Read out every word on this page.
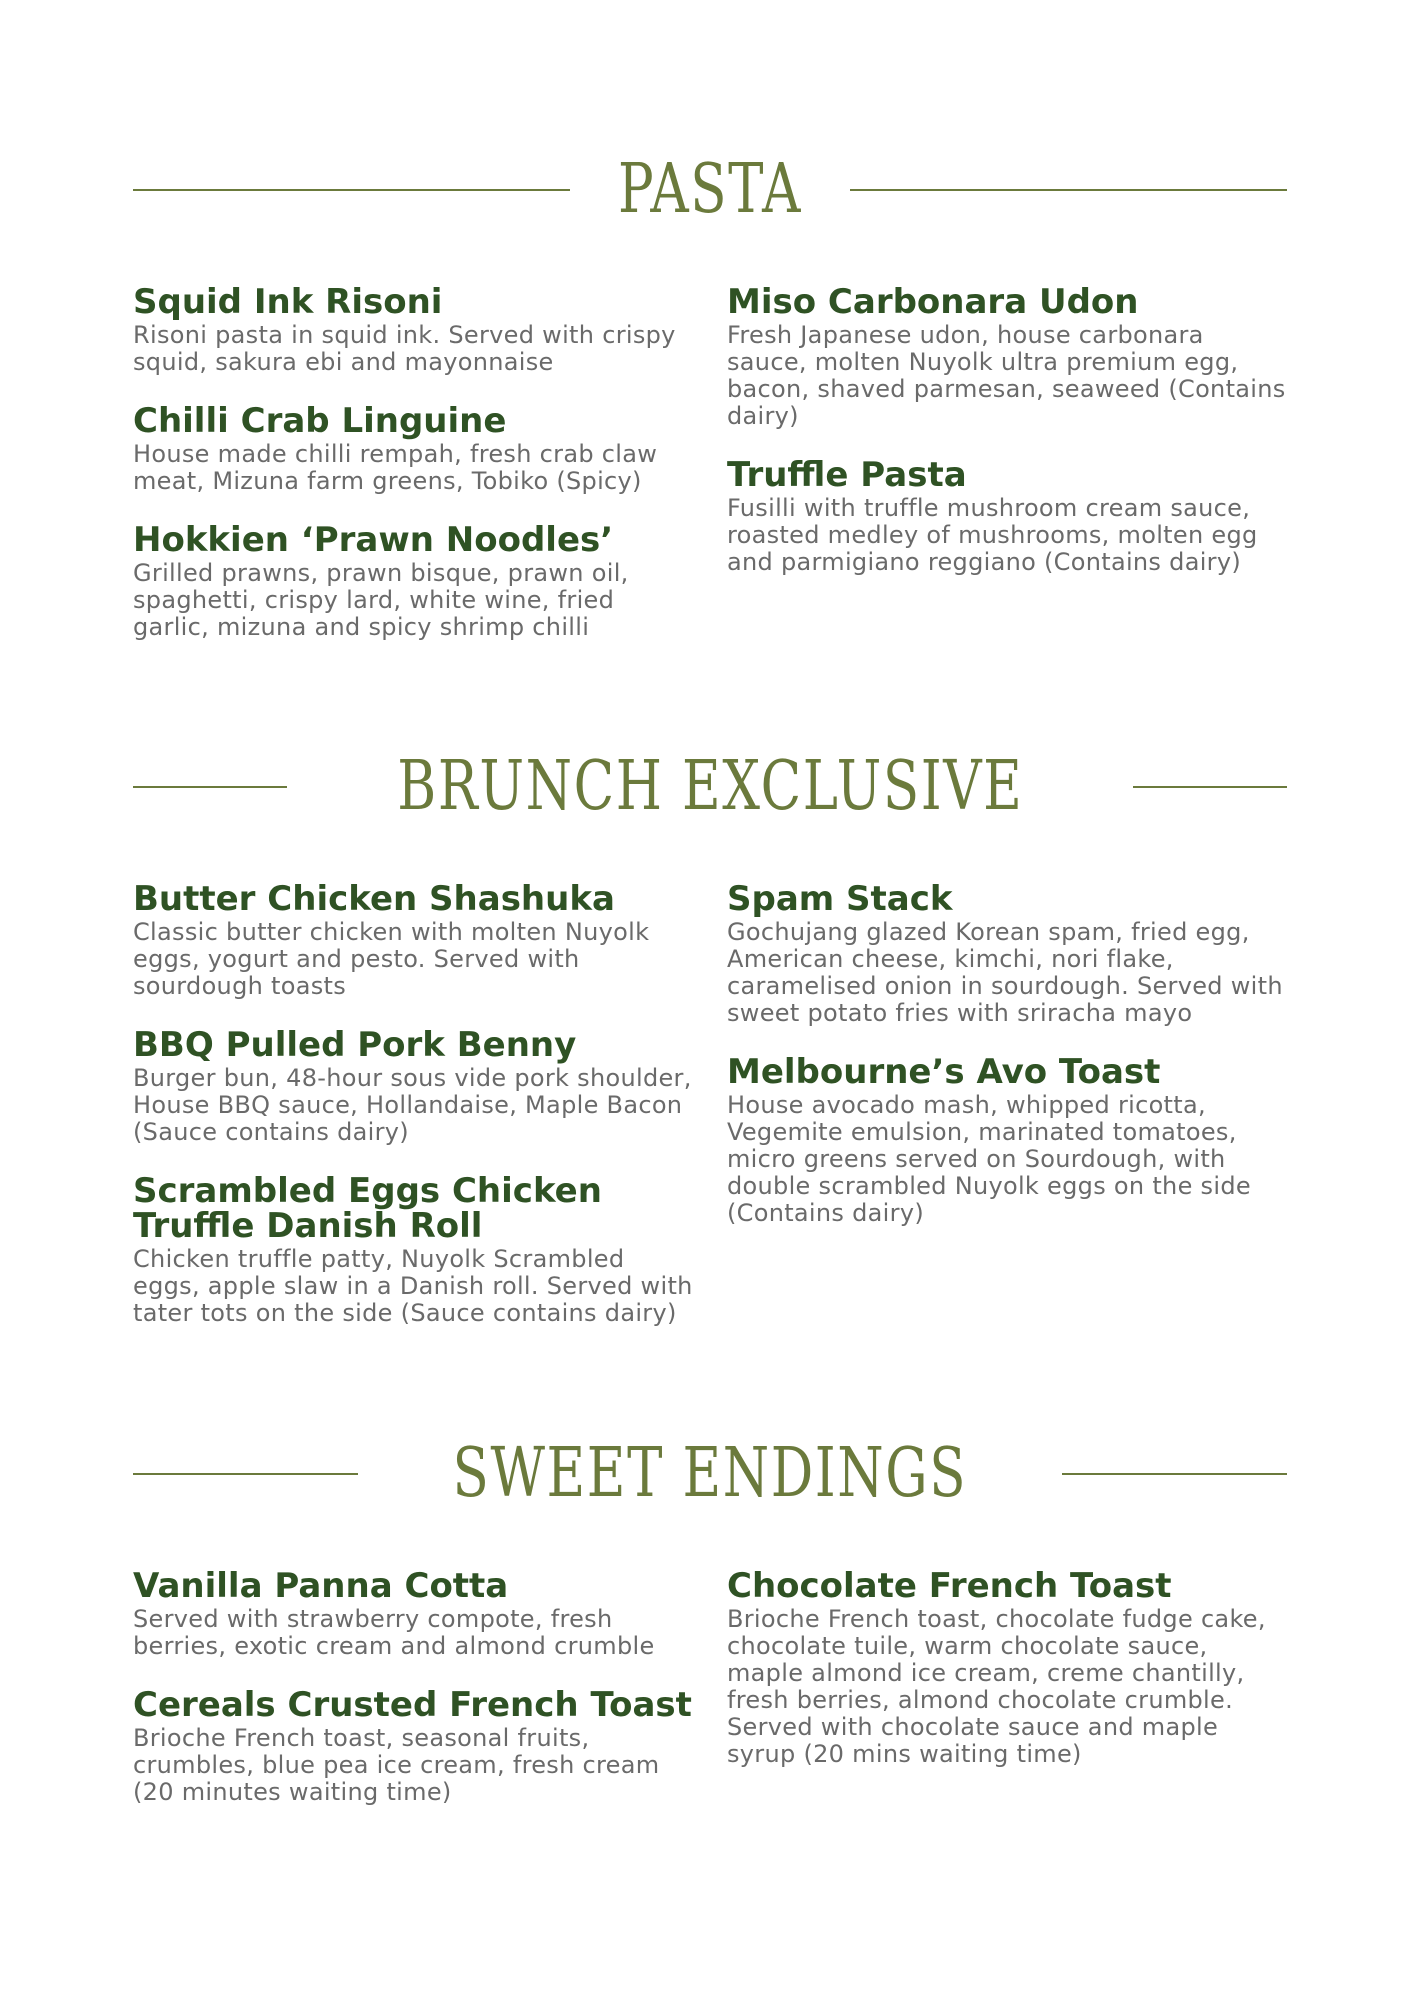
PASTA

Squid Ink Risoni

Risoni pasta in squid ink. Served with crispy squid, sakura ebi and mayonnaise

Chilli Crab Linguine

House made chilli rempah, fresh crab claw meat, Mizuna farm greens, Tobiko (Spicy)

Hokkien ‘Prawn Noodles’

Grilled prawns, prawn bisque, prawn oil, spaghetti, crispy lard, white wine, fried garlic, mizuna and spicy shrimp chilli

Miso Carbonara Udon

Fresh Japanese udon, house carbonara sauce, molten Nuyolk ultra premium egg, bacon, shaved parmesan, seaweed (Contains dairy)

Truffle Pasta

Fusilli with truffle mushroom cream sauce, roasted medley of mushrooms, molten egg and parmigiano reggiano (Contains dairy)

BRUNCH EXCLUSIVE

Butter Chicken Shashuka

Classic butter chicken with molten Nuyolk eggs, yogurt and pesto. Served with sourdough toasts

BBQ Pulled Pork Benny

Burger bun, 48-hour sous vide pork shoulder, House BBQ sauce, Hollandaise, Maple Bacon (Sauce contains dairy)

Scrambled Eggs Chicken Truffle Danish Roll

Chicken truffle patty, Nuyolk Scrambled eggs, apple slaw in a Danish roll. Served with tater tots on the side (Sauce contains dairy)

Spam Stack

Gochujang glazed Korean spam, fried egg, American cheese, kimchi, nori flake, caramelised onion in sourdough. Served with sweet potato fries with sriracha mayo

Melbourne’s Avo Toast

House avocado mash, whipped ricotta, Vegemite emulsion, marinated tomatoes, micro greens served on Sourdough, with double scrambled Nuyolk eggs on the side (Contains dairy)

SWEET ENDINGS

Vanilla Panna Cotta

Served with strawberry compote, fresh berries, exotic cream and almond crumble

Cereals Crusted French Toast

Brioche French toast, seasonal fruits, crumbles, blue pea ice cream, fresh cream (20 minutes waiting time)

Chocolate French Toast

Brioche French toast, chocolate fudge cake, chocolate tuile, warm chocolate sauce, maple almond ice cream, creme chantilly, fresh berries, almond chocolate crumble. Served with chocolate sauce and maple syrup (20 mins waiting time)
